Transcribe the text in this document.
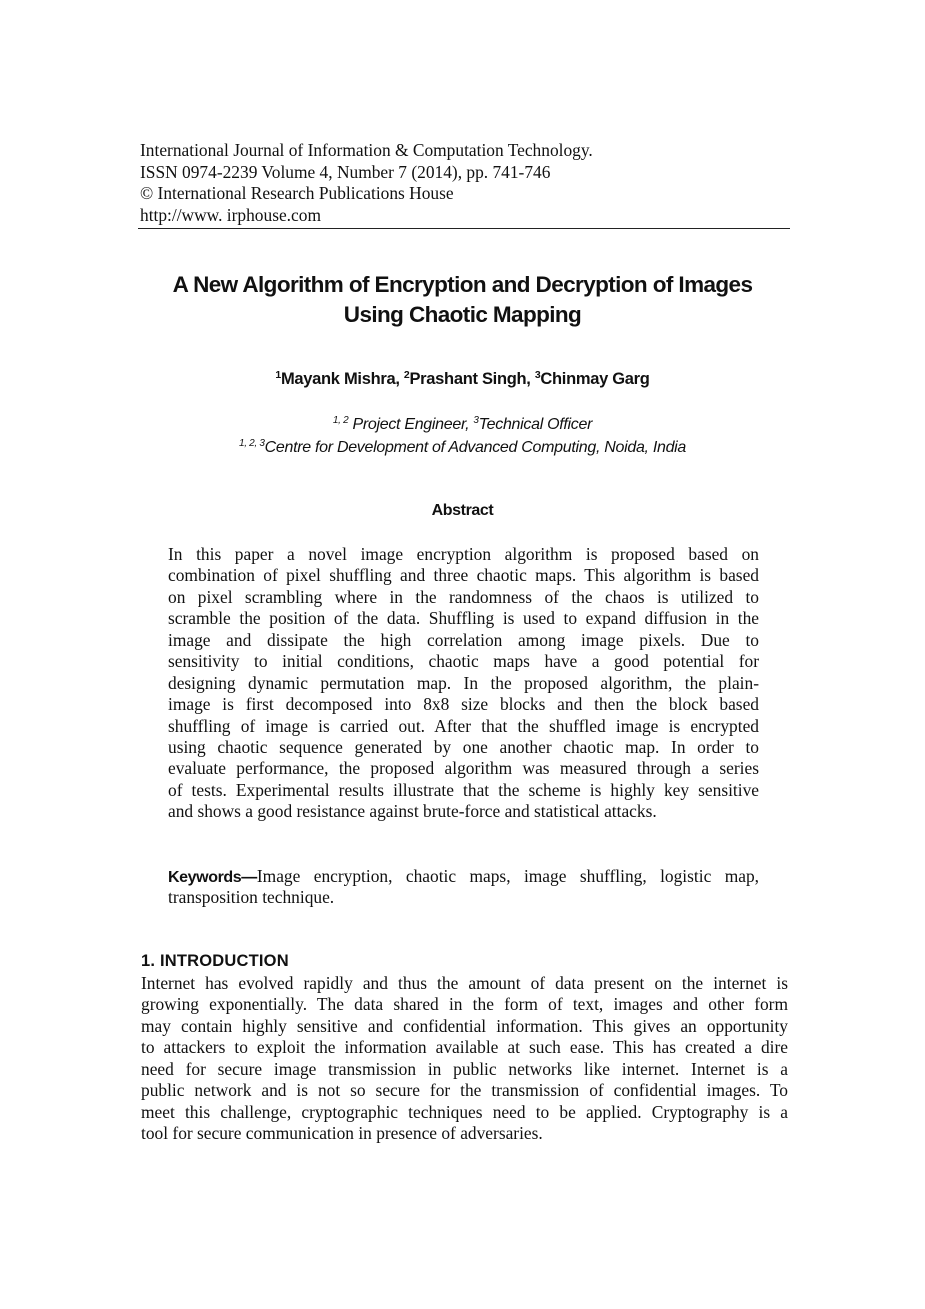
International Journal of Information & Computation Technology.
ISSN 0974-2239 Volume 4, Number 7 (2014), pp. 741-746
© International Research Publications House
http://www. irphouse.com
A New Algorithm of Encryption and Decryption of Images
Using Chaotic Mapping
$^1$Mayank Mishra, $^2$Prashant Singh, $^3$Chinmay Garg
$^{1, 2}$ Project Engineer, $^3$Technical Officer
$^{1, 2, 3}$Centre for Development of Advanced Computing, Noida, India
Abstract
In this paper a novel image encryption algorithm is proposed based on
combination of pixel shuffling and three chaotic maps. This algorithm is based
on pixel scrambling where in the randomness of the chaos is utilized to
scramble the position of the data. Shuffling is used to expand diffusion in the
image and dissipate the high correlation among image pixels. Due to
sensitivity to initial conditions, chaotic maps have a good potential for
designing dynamic permutation map. In the proposed algorithm, the plain-
image is first decomposed into 8x8 size blocks and then the block based
shuffling of image is carried out. After that the shuffled image is encrypted
using chaotic sequence generated by one another chaotic map. In order to
evaluate performance, the proposed algorithm was measured through a series
of tests. Experimental results illustrate that the scheme is highly key sensitive
and shows a good resistance against brute-force and statistical attacks.
Keywords—Image encryption, chaotic maps, image shuffling, logistic map,
transposition technique.
1. INTRODUCTION
Internet has evolved rapidly and thus the amount of data present on the internet is
growing exponentially. The data shared in the form of text, images and other form
may contain highly sensitive and confidential information. This gives an opportunity
to attackers to exploit the information available at such ease. This has created a dire
need for secure image transmission in public networks like internet. Internet is a
public network and is not so secure for the transmission of confidential images. To
meet this challenge, cryptographic techniques need to be applied. Cryptography is a
tool for secure communication in presence of adversaries.
